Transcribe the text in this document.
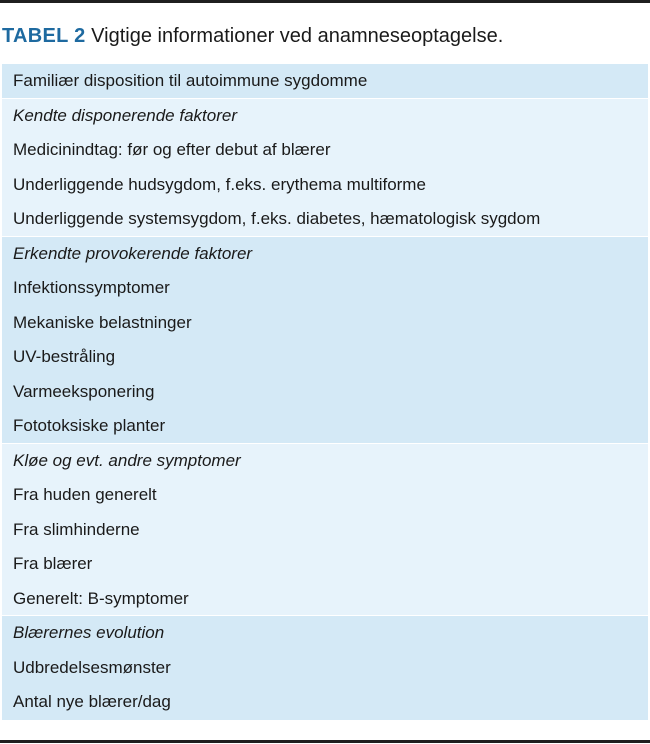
TABEL 2 Vigtige informationer ved anamneseoptagelse.
Familiær disposition til autoimmune sygdomme
Kendte disponerende faktorer
Medicinindtag: før og efter debut af blærer
Underliggende hudsygdom, f.eks. erythema multiforme
Underliggende systemsygdom, f.eks. diabetes, hæmatologisk sygdom
Erkendte provokerende faktorer
Infektionssymptomer
Mekaniske belastninger
UV-bestråling
Varmeeksponering
Fototoksiske planter
Kløe og evt. andre symptomer
Fra huden generelt
Fra slimhinderne
Fra blærer
Generelt: B-symptomer
Blærernes evolution
Udbredelsesmønster
Antal nye blærer/dag
